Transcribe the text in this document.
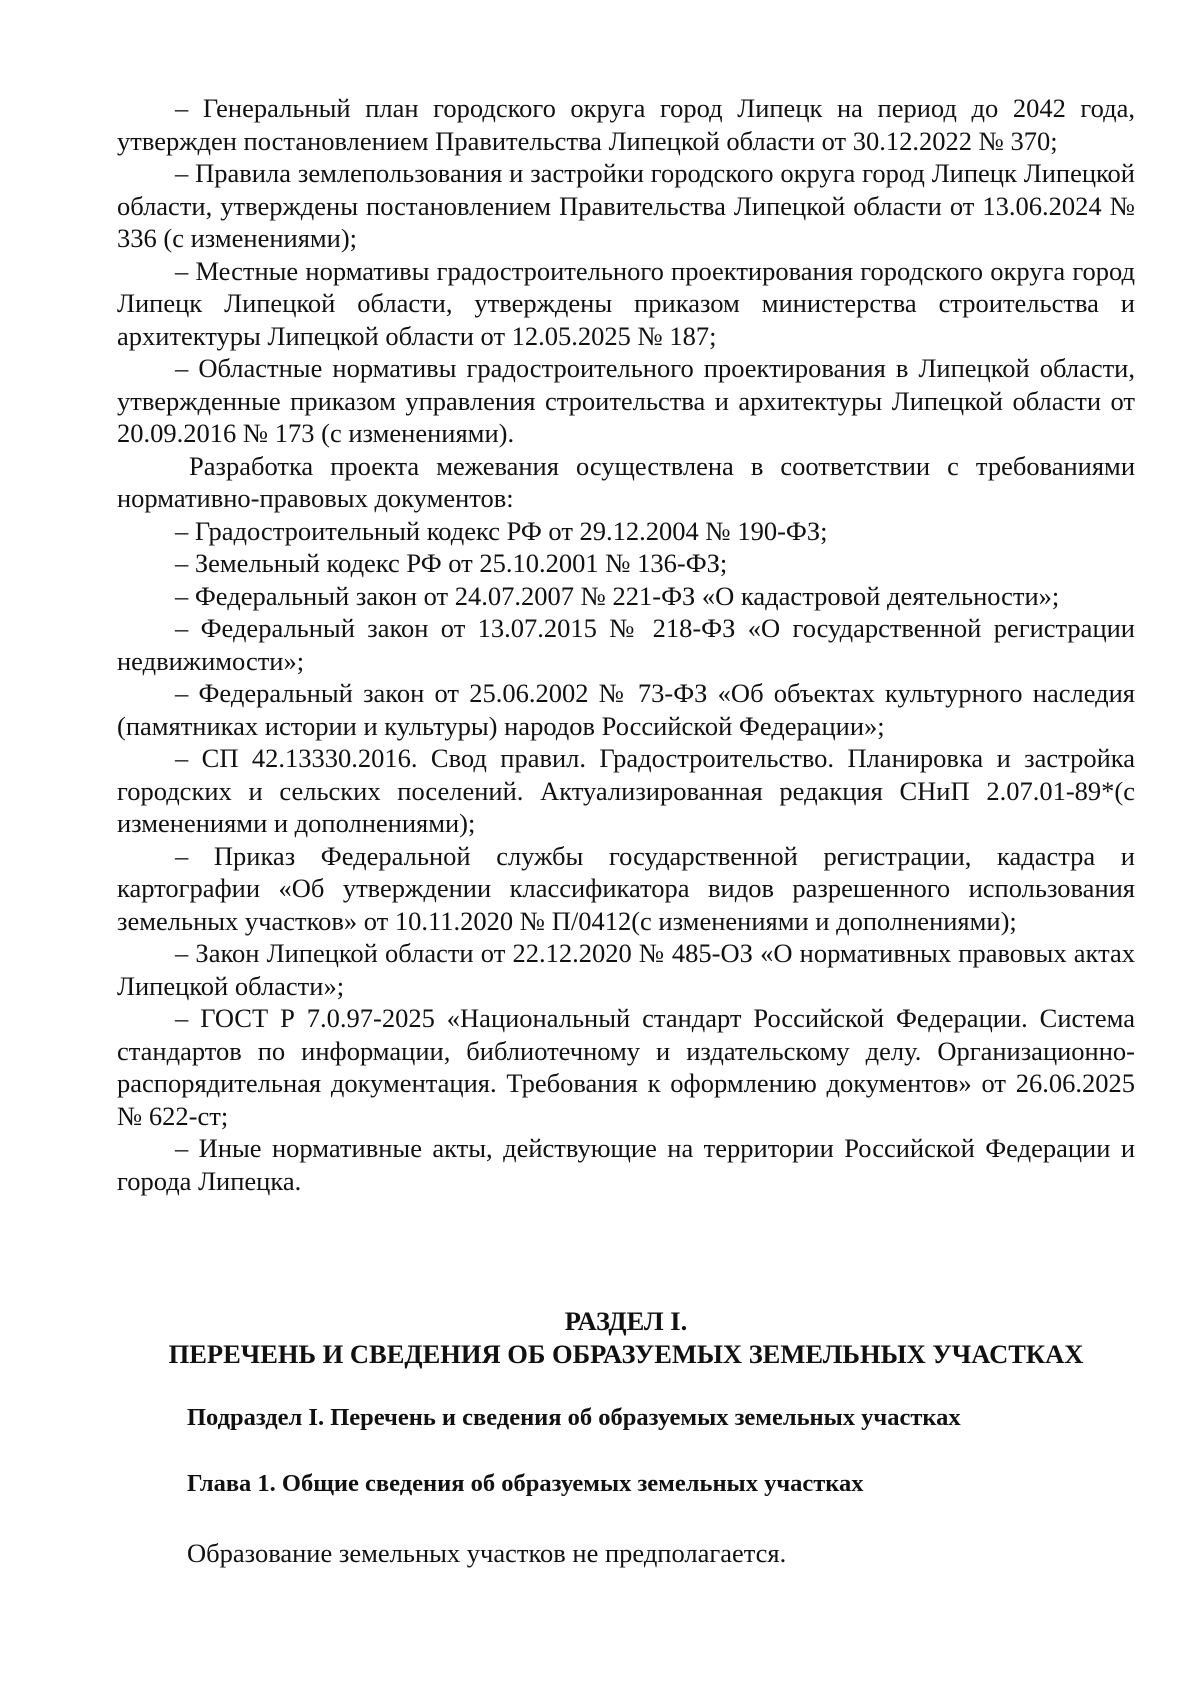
– Генеральный план городского округа город Липецк на период до 2042 года, утвержден постановлением Правительства Липецкой области от 30.12.2022 № 370;

– Правила землепользования и застройки городского округа город Липецк Липецкой области, утверждены постановлением Правительства Липецкой области от 13.06.2024 № 336 (с изменениями);

– Местные нормативы градостроительного проектирования городского округа город Липецк Липецкой области, утверждены приказом министерства строительства и архитектуры Липецкой области от 12.05.2025 № 187;

– Областные нормативы градостроительного проектирования в Липецкой области, утвержденные приказом управления строительства и архитектуры Липецкой области от 20.09.2016 № 173 (с изменениями).

Разработка проекта межевания осуществлена в соответствии с требованиями нормативно-правовых документов:

– Градостроительный кодекс РФ от 29.12.2004 № 190-ФЗ;

– Земельный кодекс РФ от 25.10.2001 № 136-ФЗ;

– Федеральный закон от 24.07.2007 № 221-ФЗ «О кадастровой деятельности»;

– Федеральный закон от 13.07.2015 № 218-ФЗ «О государственной регистрации недвижимости»;

– Федеральный закон от 25.06.2002 № 73-ФЗ «Об объектах культурного наследия (памятниках истории и культуры) народов Российской Федерации»;

– СП 42.13330.2016. Свод правил. Градостроительство. Планировка и застройка городских и сельских поселений. Актуализированная редакция СНиП 2.07.01-89*(с изменениями и дополнениями);

– Приказ Федеральной службы государственной регистрации, кадастра и картографии «Об утверждении классификатора видов разрешенного использования земельных участков» от 10.11.2020 № П/0412(с изменениями и дополнениями);

– Закон Липецкой области от 22.12.2020 № 485-ОЗ «О нормативных правовых актах Липецкой области»;

– ГОСТ Р 7.0.97-2025 «Национальный стандарт Российской Федерации. Система стандартов по информации, библиотечному и издательскому делу. Организационно-распорядительная документация. Требования к оформлению документов» от 26.06.2025 № 622-ст;

– Иные нормативные акты, действующие на территории Российской Федерации и города Липецка.

РАЗДЕЛ I.
ПЕРЕЧЕНЬ И СВЕДЕНИЯ ОБ ОБРАЗУЕМЫХ ЗЕМЕЛЬНЫХ УЧАСТКАХ
Подраздел I. Перечень и сведения об образуемых земельных участках
Глава 1. Общие сведения об образуемых земельных участках
Образование земельных участков не предполагается.
